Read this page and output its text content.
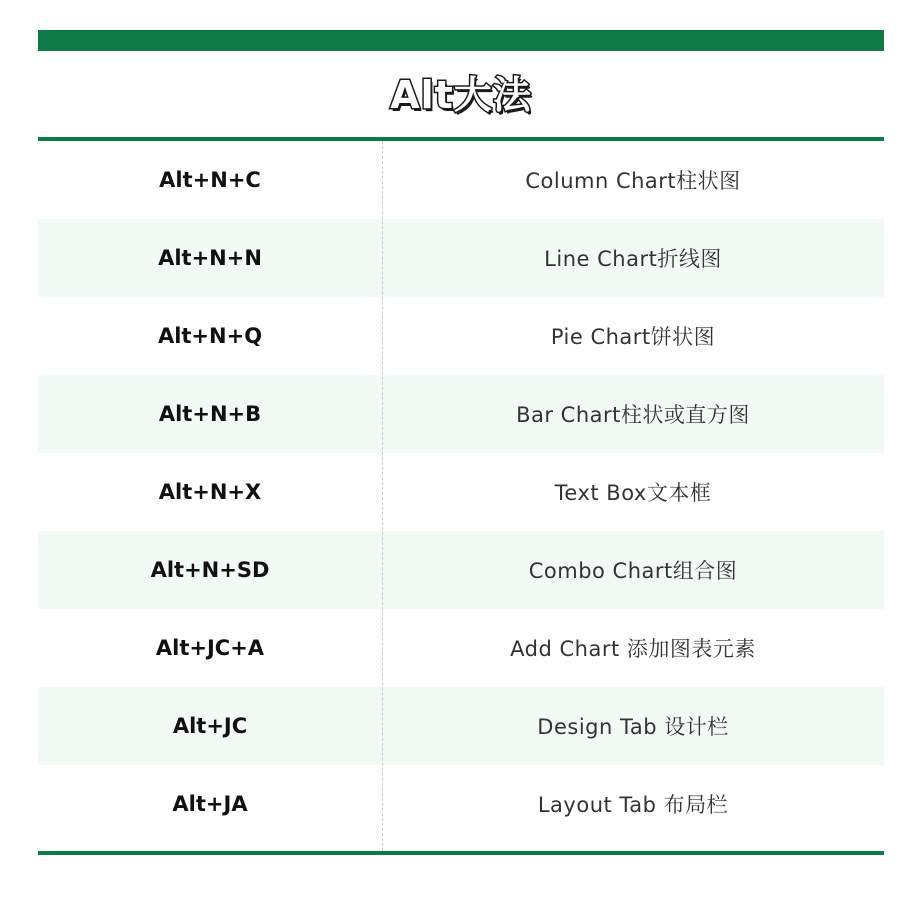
Alt大法
Alt+N+C	Column Chart柱状图
Alt+N+N	Line Chart折线图
Alt+N+Q	Pie Chart饼状图
Alt+N+B	Bar Chart柱状或直方图
Alt+N+X	Text Box文本框
Alt+N+SD	Combo Chart组合图
Alt+JC+A	Add Chart 添加图表元素
Alt+JC	Design Tab 设计栏
Alt+JA	Layout Tab 布局栏
